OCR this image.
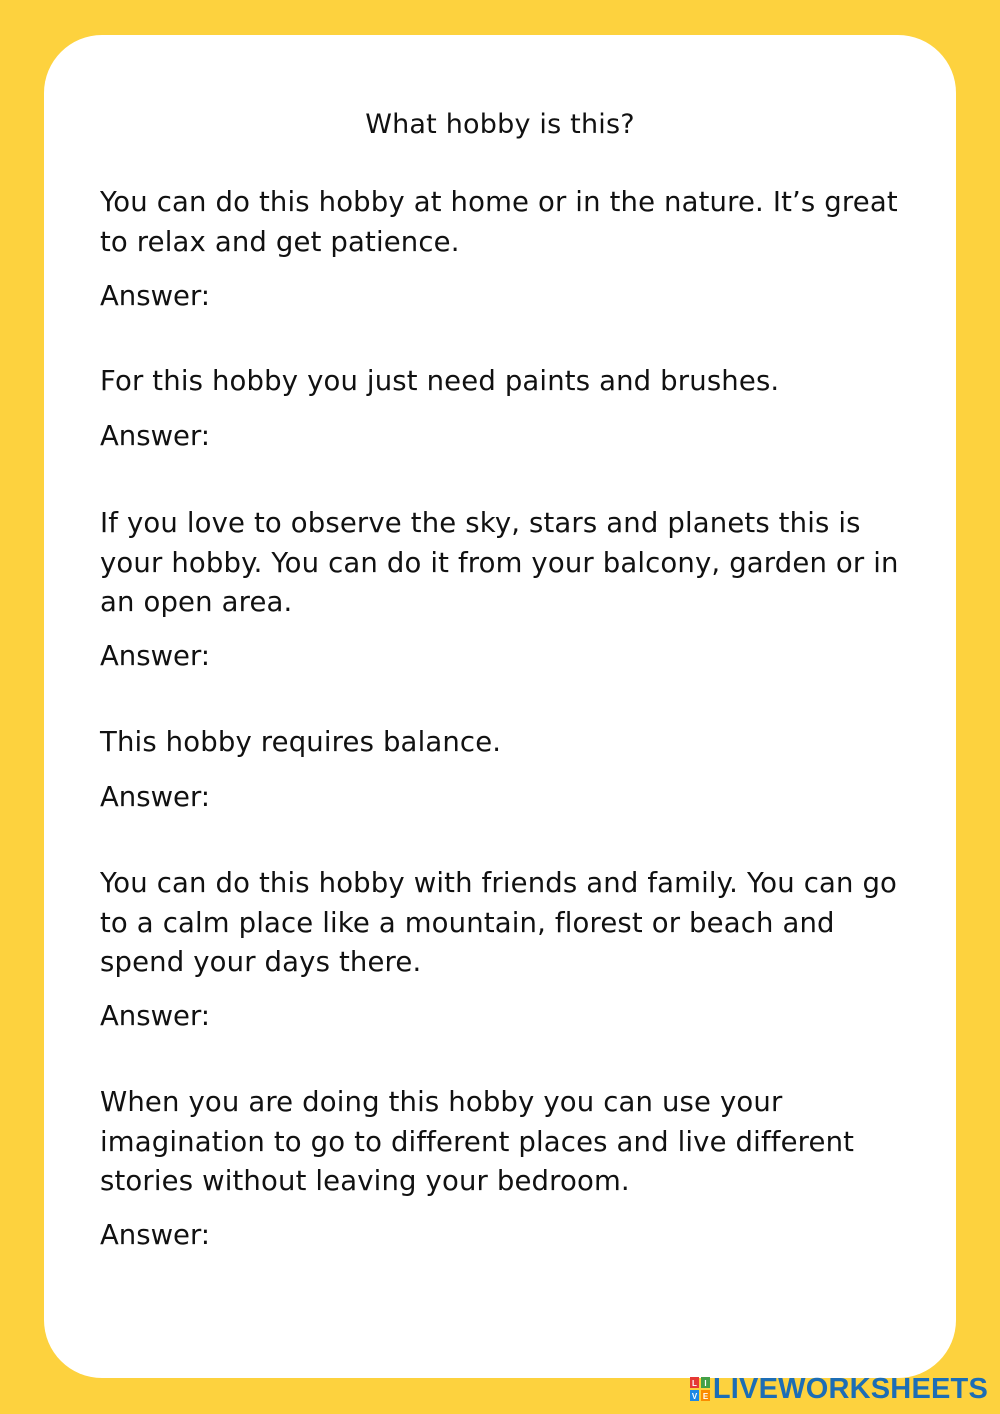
What hobby is this?

You can do this hobby at home or in the nature. It’s great to relax and get patience.

Answer:

For this hobby you just need paints and brushes.

Answer:

If you love to observe the sky, stars and planets this is your hobby. You can do it from your balcony, garden or in an open area.

Answer:

This hobby requires balance.

Answer:

You can do this hobby with friends and family. You can go to a calm place like a mountain, florest or beach and spend your days there.

Answer:

When you are doing this hobby you can use your imagination to go to different places and live different stories without leaving your bedroom.

Answer:

L I
V E LIVEWORKSHEETS
